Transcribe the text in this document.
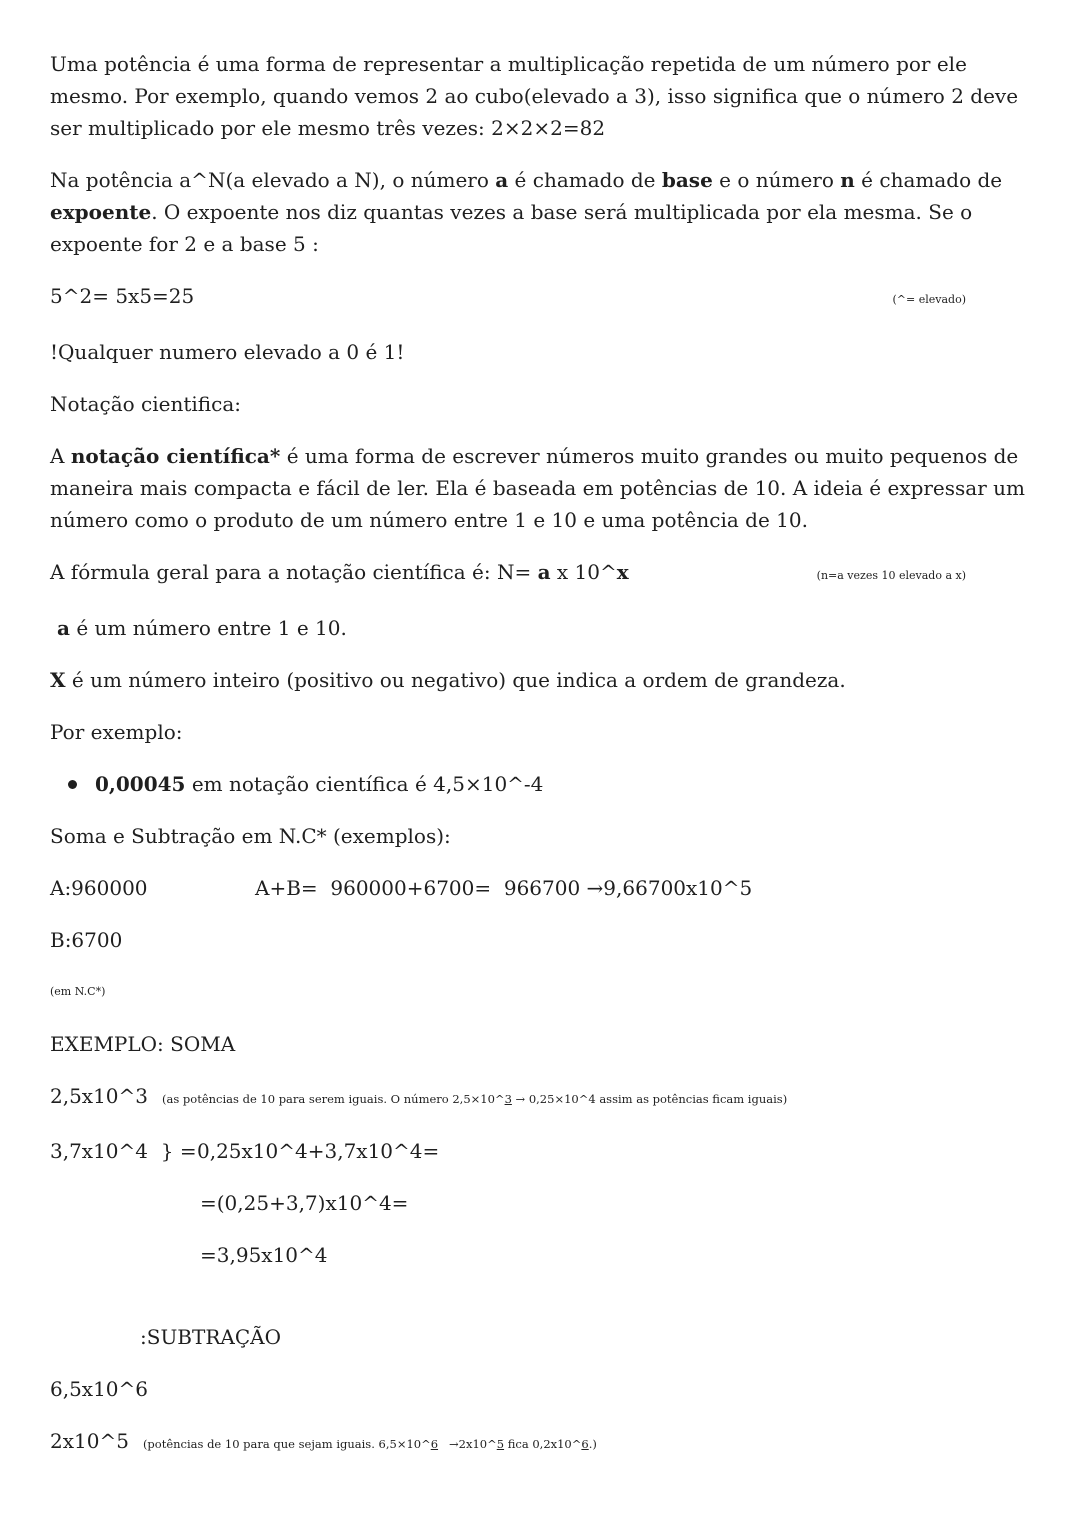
Uma potência é uma forma de representar a multiplicação repetida de um número por ele mesmo. Por exemplo, quando vemos 2 ao cubo(elevado a 3), isso significa que o número 2 deve ser multiplicado por ele mesmo três vezes: 2×2×2=82

Na potência a^N(a elevado a N), o número a é chamado de base e o número n é chamado de expoente. O expoente nos diz quantas vezes a base será multiplicada por ela mesma. Se o expoente for 2 e a base 5 :

5^2= 5x5=25	(^= elevado)

!Qualquer numero elevado a 0 é 1!

Notação cientifica:

A notação científica* é uma forma de escrever números muito grandes ou muito pequenos de maneira mais compacta e fácil de ler. Ela é baseada em potências de 10. A ideia é expressar um número como o produto de um número entre 1 e 10 e uma potência de 10.

A fórmula geral para a notação científica é: N= a x 10^x	(n=a vezes 10 elevado a x)

a é um número entre 1 e 10.

X é um número inteiro (positivo ou negativo) que indica a ordem de grandeza.

Por exemplo:

0,00045 em notação científica é 4,5×10^-4

Soma e Subtração em N.C* (exemplos):

A:960000	A+B=  960000+6700=  966700 →9,66700x10^5

B:6700

(em N.C*)

EXEMPLO: SOMA

2,5x10^3 (as potências de 10 para serem iguais. O número 2,5×10^3 → 0,25×10^4 assim as potências ficam iguais)
3,7x10^4  } = 0,25x10^4+3,7x10^4=

=(0,25+3,7)x10^4=

=3,95x10^4

:SUBTRAÇÃO

6,5x10^6

2x10^5 (potências de 10 para que sejam iguais. 6,5×10^6   →2x10^5 fica 0,2x10^6.)
